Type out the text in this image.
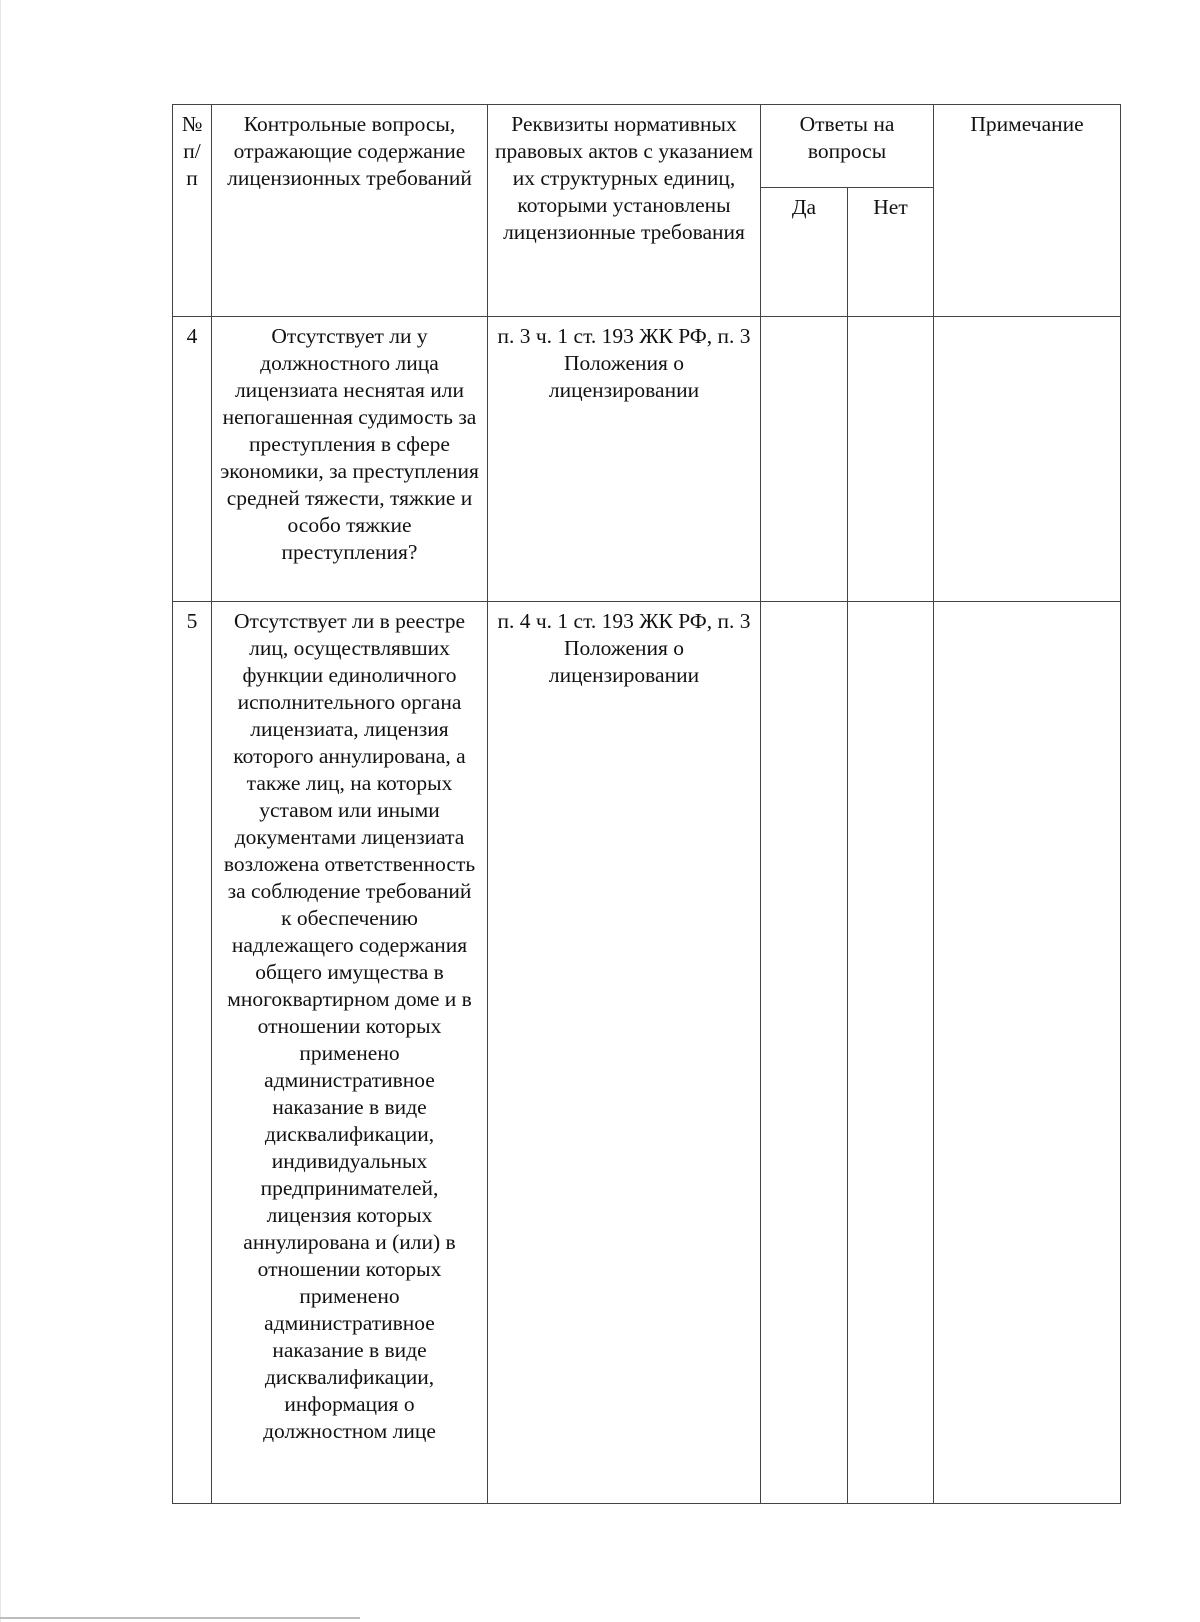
№ п/п	Контрольные вопросы, отражающие содержание лицензионных требований	Реквизиты нормативных правовых актов с указанием их структурных единиц, которыми установлены лицензионные требования	Ответы на вопросы		Примечание

			Да	Нет	

4	Отсутствует ли у должностного лица лицензиата неснятая или непогашенная судимость за преступления в сфере экономики, за преступления средней тяжести, тяжкие и особо тяжкие преступления?	п. 3 ч. 1 ст. 193 ЖК РФ, п. 3 Положения о лицензировании			

5	Отсутствует ли в реестре лиц, осуществлявших функции единоличного исполнительного органа лицензиата, лицензия которого аннулирована, а также лиц, на которых уставом или иными документами лицензиата возложена ответственность за соблюдение требований к обеспечению надлежащего содержания общего имущества в многоквартирном доме и в отношении которых применено административное наказание в виде дисквалификации, индивидуальных предпринимателей, лицензия которых аннулирована и (или) в отношении которых применено административное наказание в виде дисквалификации, информация о должностном лице	п. 4 ч. 1 ст. 193 ЖК РФ, п. 3 Положения о лицензировании			
